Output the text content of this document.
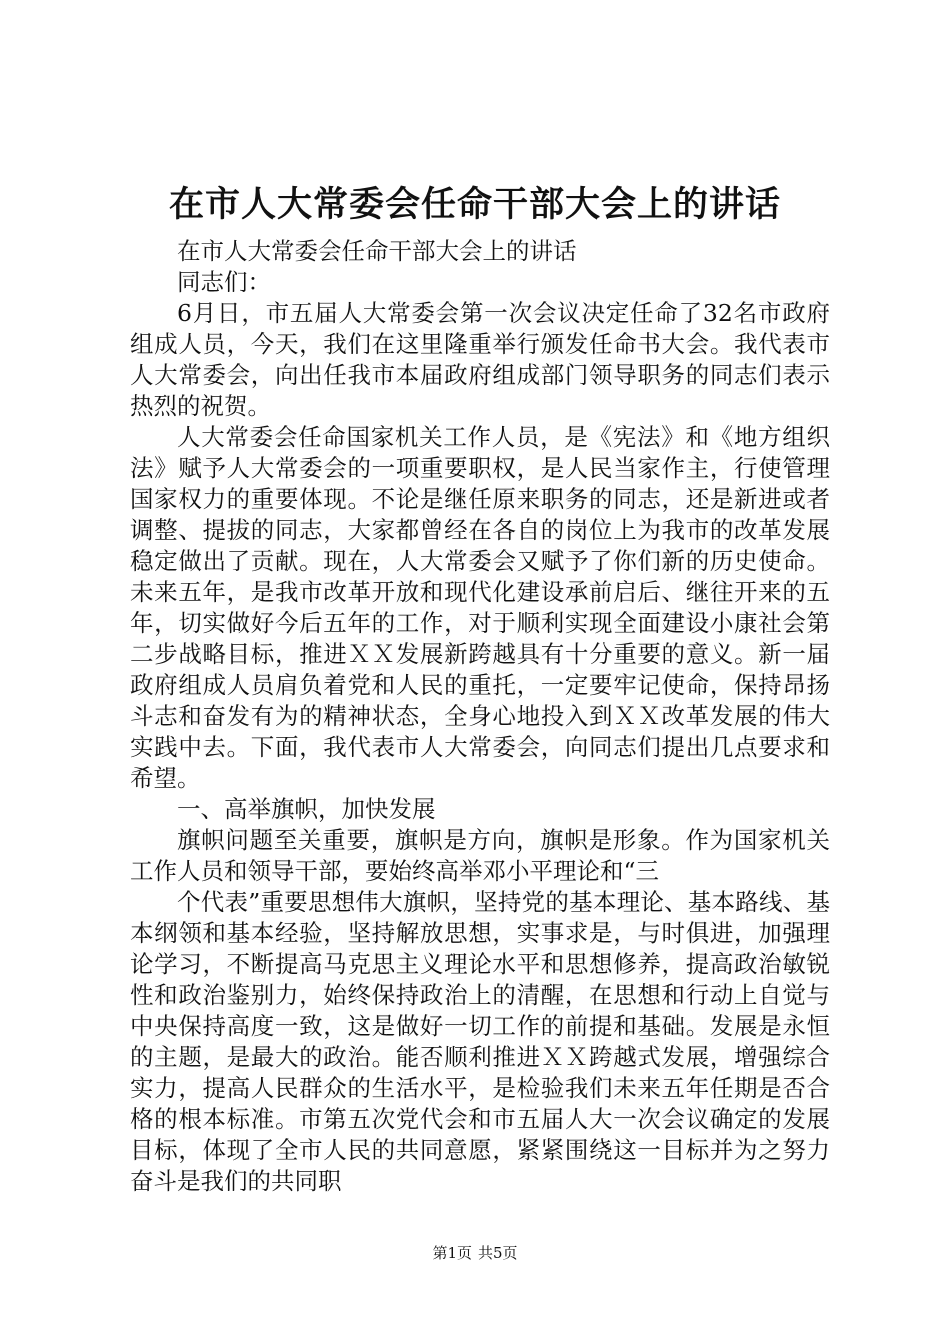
在市人大常委会任命干部大会上的讲话

在市人大常委会任命干部大会上的讲话

同志们：

6月日，市五届人大常委会第一次会议决定任命了32名市政府组成人员，今天，我们在这里隆重举行颁发任命书大会。我代表市人大常委会，向出任我市本届政府组成部门领导职务的同志们表示热烈的祝贺。

人大常委会任命国家机关工作人员，是《宪法》和《地方组织法》赋予人大常委会的一项重要职权，是人民当家作主，行使管理国家权力的重要体现。不论是继任原来职务的同志，还是新进或者调整、提拔的同志，大家都曾经在各自的岗位上为我市的改革发展稳定做出了贡献。现在，人大常委会又赋予了你们新的历史使命。未来五年，是我市改革开放和现代化建设承前启后、继往开来的五年，切实做好今后五年的工作，对于顺利实现全面建设小康社会第二步战略目标，推进ＸＸ发展新跨越具有十分重要的意义。新一届政府组成人员肩负着党和人民的重托，一定要牢记使命，保持昂扬斗志和奋发有为的精神状态，全身心地投入到ＸＸ改革发展的伟大实践中去。下面，我代表市人大常委会，向同志们提出几点要求和希望。

一、高举旗帜，加快发展

旗帜问题至关重要，旗帜是方向，旗帜是形象。作为国家机关工作人员和领导干部，要始终高举邓小平理论和“三

个代表”重要思想伟大旗帜，坚持党的基本理论、基本路线、基本纲领和基本经验，坚持解放思想，实事求是，与时俱进，加强理论学习，不断提高马克思主义理论水平和思想修养，提高政治敏锐性和政治鉴别力，始终保持政治上的清醒，在思想和行动上自觉与中央保持高度一致，这是做好一切工作的前提和基础。发展是永恒的主题，是最大的政治。能否顺利推进ＸＸ跨越式发展，增强综合实力，提高人民群众的生活水平，是检验我们未来五年任期是否合格的根本标准。市第五次党代会和市五届人大一次会议确定的发展目标，体现了全市人民的共同意愿，紧紧围绕这一目标并为之努力奋斗是我们的共同职

第1页 共5页
